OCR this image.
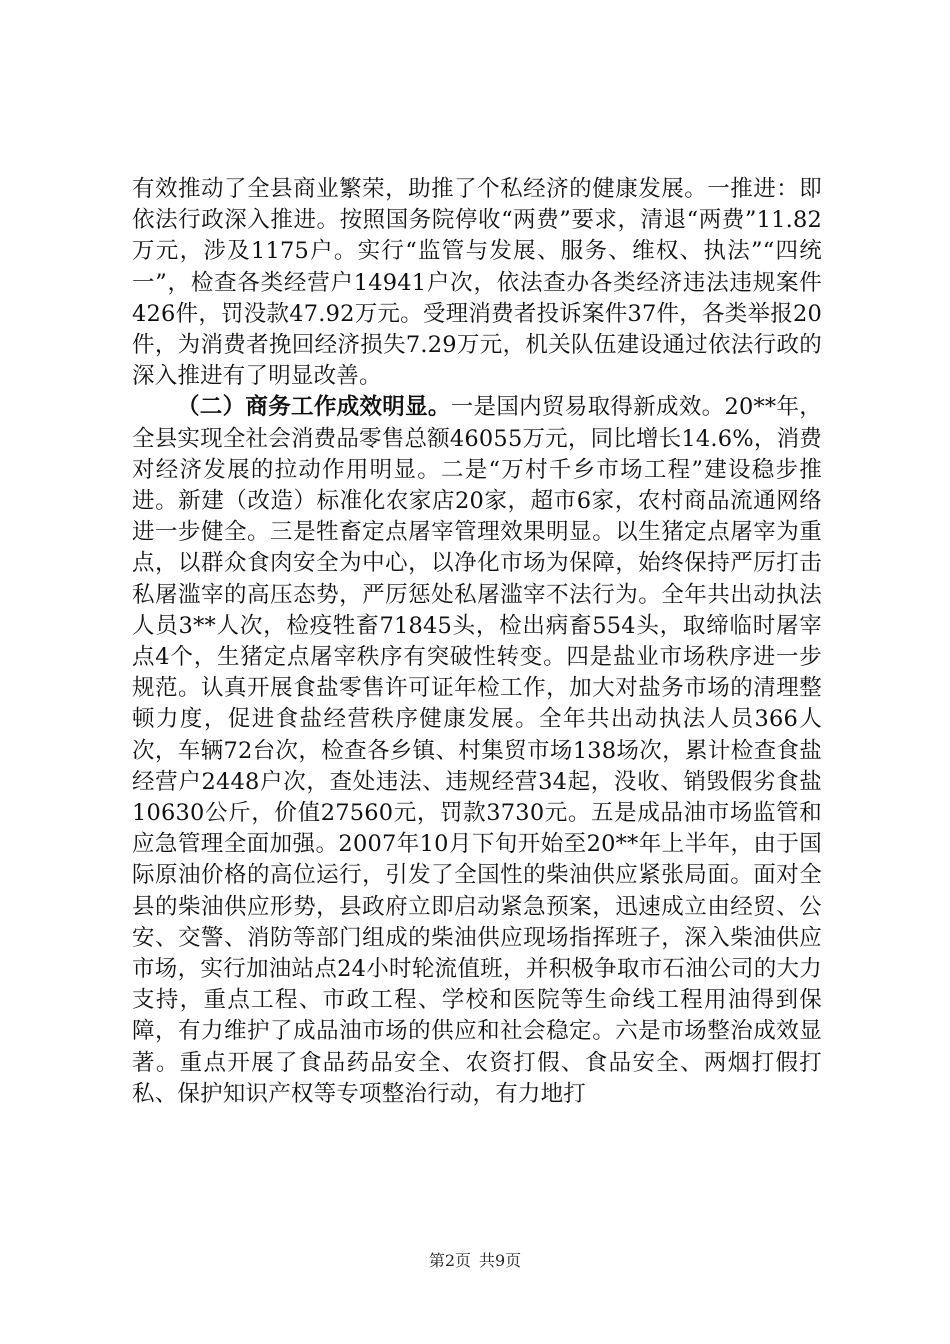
有效推动了全县商业繁荣，助推了个私经济的健康发展。一推进：即依法行政深入推进。按照国务院停收“两费”要求，清退“两费”11.82万元，涉及1175户。实行“监管与发展、服务、维权、执法”“四统一”，检查各类经营户14941户次，依法查办各类经济违法违规案件426件，罚没款47.92万元。受理消费者投诉案件37件，各类举报20件，为消费者挽回经济损失7.29万元，机关队伍建设通过依法行政的深入推进有了明显改善。

（二）商务工作成效明显。一是国内贸易取得新成效。20**年，全县实现全社会消费品零售总额46055万元，同比增长14.6%，消费对经济发展的拉动作用明显。二是“万村千乡市场工程”建设稳步推进。新建（改造）标准化农家店20家，超市6家，农村商品流通网络进一步健全。三是牲畜定点屠宰管理效果明显。以生猪定点屠宰为重点，以群众食肉安全为中心，以净化市场为保障，始终保持严厉打击私屠滥宰的高压态势，严厉惩处私屠滥宰不法行为。全年共出动执法人员3**人次，检疫牲畜71845头，检出病畜554头，取缔临时屠宰点4个，生猪定点屠宰秩序有突破性转变。四是盐业市场秩序进一步规范。认真开展食盐零售许可证年检工作，加大对盐务市场的清理整顿力度，促进食盐经营秩序健康发展。全年共出动执法人员366人次，车辆72台次，检查各乡镇、村集贸市场138场次，累计检查食盐经营户2448户次，查处违法、违规经营34起，没收、销毁假劣食盐10630公斤，价值27560元，罚款3730元。五是成品油市场监管和应急管理全面加强。2007年10月下旬开始至20**年上半年，由于国际原油价格的高位运行，引发了全国性的柴油供应紧张局面。面对全县的柴油供应形势，县政府立即启动紧急预案，迅速成立由经贸、公安、交警、消防等部门组成的柴油供应现场指挥班子，深入柴油供应市场，实行加油站点24小时轮流值班，并积极争取市石油公司的大力支持，重点工程、市政工程、学校和医院等生命线工程用油得到保障，有力维护了成品油市场的供应和社会稳定。六是市场整治成效显著。重点开展了食品药品安全、农资打假、食品安全、两烟打假打私、保护知识产权等专项整治行动，有力地打

第2页 共9页
